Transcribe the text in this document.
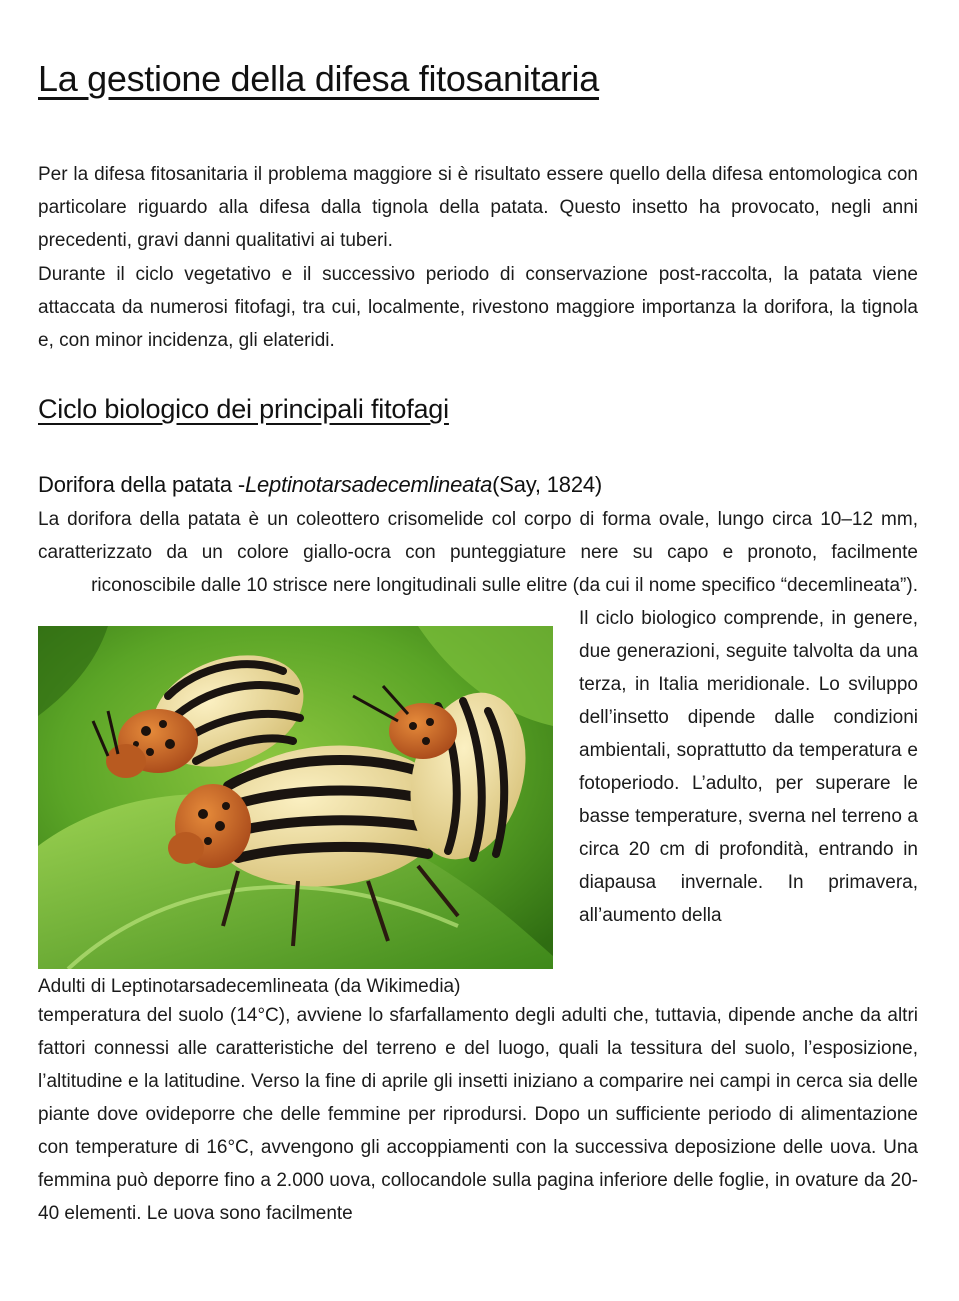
La gestione della difesa fitosanitaria

Per la difesa fitosanitaria il problema maggiore si è risultato essere quello della difesa entomologica con particolare riguardo alla difesa dalla tignola della patata. Questo insetto ha provocato, negli anni precedenti, gravi danni qualitativi ai tuberi.

Durante il ciclo vegetativo e il successivo periodo di conservazione post-raccolta, la patata viene attaccata da numerosi fitofagi, tra cui, localmente, rivestono maggiore importanza la dorifora, la tignola e, con minor incidenza, gli elateridi.

Ciclo biologico dei principali fitofagi
Dorifora della patata -Leptinotarsadecemlineata(Say, 1824)

La dorifora della patata è un coleottero crisomelide col corpo di forma ovale, lungo circa 10–12 mm, caratterizzato da un colore giallo-ocra con punteggiature nere su capo e pronoto, facilmente riconoscibile dalle 10 strisce nere longitudinali sulle elitre (da cui il nome specifico “decemlineata”).

Adulti di Leptinotarsadecemlineata (da Wikimedia)

Il ciclo biologico comprende, in genere, due generazioni, seguite talvolta da una terza, in Italia meridionale. Lo sviluppo dell’insetto dipende dalle condizioni ambientali, soprattutto da temperatura e fotoperiodo. L’adulto, per superare le basse temperature, sverna nel terreno a circa 20 cm di profondità, entrando in diapausa invernale. In primavera, all’aumento della

temperatura del suolo (14°C), avviene lo sfarfallamento degli adulti che, tuttavia, dipende anche da altri fattori connessi alle caratteristiche del terreno e del luogo, quali la tessitura del suolo, l’esposizione, l’altitudine e la latitudine. Verso la fine di aprile gli insetti iniziano a comparire nei campi in cerca sia delle piante dove ovideporre che delle femmine per riprodursi. Dopo un sufficiente periodo di alimentazione con temperature di 16°C, avvengono gli accoppiamenti con la successiva deposizione delle uova. Una femmina può deporre fino a 2.000 uova, collocandole sulla pagina inferiore delle foglie, in ovature da 20-40 elementi. Le uova sono facilmente
